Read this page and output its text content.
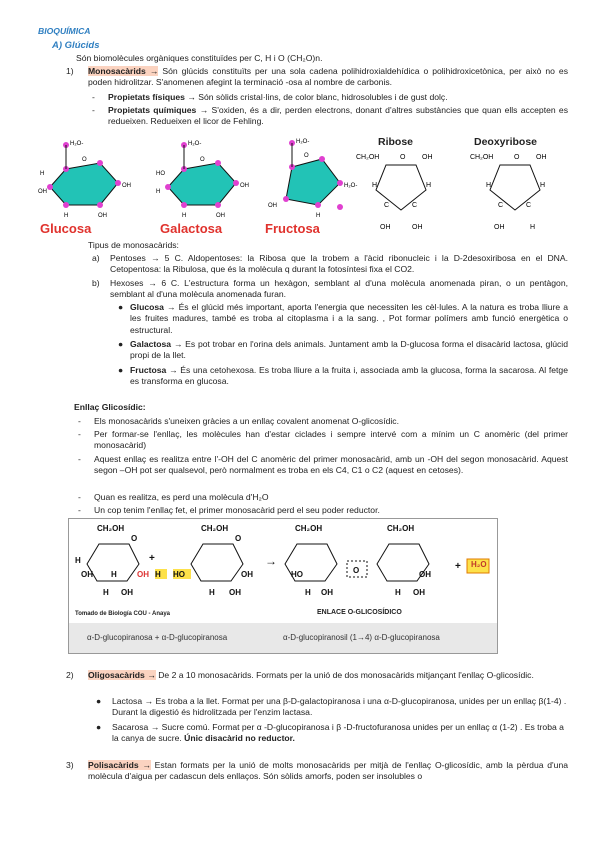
BIOQUÍMICA
A) Glúcids
Són biomolècules orgàniques constituïdes per C, H i O (CH₂O)n.
1) Monosacàrids → Són glúcids constituïts per una sola cadena polihidroxialdehídica o polihidroxicetònica, per això no es poden hidrolitzar. S'anomenen afegint la terminació -osa al nombre de carbonis.
- Propietats físiques → Són sòlids cristal·lins, de color blanc, hidrosolubles i de gust dolç.
- Propietats químiques → S'oxiden, és a dir, perden electrons, donant d'altres substàncies que quan ells accepten es redueixen. Redueixen el licor de Fehling.
H₂O-
H
OH
OH
OH
H
O
H₂O-
HO
H
OH
OH
H
O
H₂O-
H₂O-
OH
H
O	CH₂OH	O OH
H	H
C	C
OH	OH
CH₂OH	O OH
H	H
C	C
OH	H
Glucosa	Galactosa	Fructosa
Ribose	Deoxyribose
Tipus de monosacàrids:
a) Pentoses → 5 C. Aldopentoses: la Ribosa que la trobem a l'àcid ribonucleic i la D-2desoxiribosa en el DNA. Cetopentosa: la Ribulosa, que és la molècula q durant la fotosíntesi fixa el CO2.
b) Hexoses → 6 C. L'estructura forma un hexàgon, semblant al d'una molècula anomenada piran, o un pentàgon, semblant al d'una molècula anomenada furan.
● Glucosa → És el glúcid més important, aporta l'energia que necessiten les cèl·lules. A la natura es troba lliure a les fruites madures, també es troba al citoplasma i a la sang. , Pot formar polímers amb funció energètica o estructural.
● Galactosa → Es pot trobar en l'orina dels animals. Juntament amb la D-glucosa forma el disacàrid lactosa, glúcid propi de la llet.
● Fructosa → És una cetohexosa. Es troba lliure a la fruita i, associada amb la glucosa, forma la sacarosa. Al fetge es transforma en glucosa.
Enllaç Glicosídic:
- Els monosacàrids s'uneixen gràcies a un enllaç covalent anomenat O-glicosídic.
- Per formar-se l'enllaç, les molècules han d'estar ciclades i sempre intervé com a mínim un C anomèric (del primer monosacàrid)
- Aquest enllaç es realitza entre l'-OH del C anomèric del primer monosacàrid, amb un -OH del segon monosacàrid. Aquest segon –OH pot ser qualsevol, però normalment es troba en els C4, C1 o C2 (aquest en cetoses).
- Quan es realitza, es perd una molècula d'H₂O
- Un cop tenim l'enllaç fet, el primer monosacàrid perd el seu poder reductor.
CH₂OH
O
H
OH H
H OH
OH
+
H HO
CH₂OH
O
OH
H OH
→
CH₂OH
HO
H OH
O
CH₂OH
OH
H OH
+ H₂O
Tomado de Biología COU - Anaya	ENLACE O-GLICOSÍDICO
α-D-glucopiranosa + α-D-glucopiranosa	α-D-glucopiranosil (1→4) α-D-glucopiranosa
2) Oligosacàrids → De 2 a 10 monosacàrids. Formats per la unió de dos monosacàrids mitjançant l'enllaç O-glicosídic.
● Lactosa → Es troba a la llet. Format per una β-D-galactopiranosa i una α-D-glucopiranosa, unides per un enllaç β(1-4) . Durant la digestió és hidrolitzada per l'enzim lactasa.
● Sacarosa → Sucre comú. Format per α -D-glucopiranosa i β -D-fructofuranosa unides per un enllaç α (1-2) . Es troba a la canya de sucre. Únic disacàrid no reductor.
3) Polisacàrids → Estan formats per la unió de molts monosacàrids per mitjà de l'enllaç O-glicosídic, amb la pèrdua d'una molècula d'aigua per cadascun dels enllaços. Són sòlids amorfs, poden ser insolubles o
